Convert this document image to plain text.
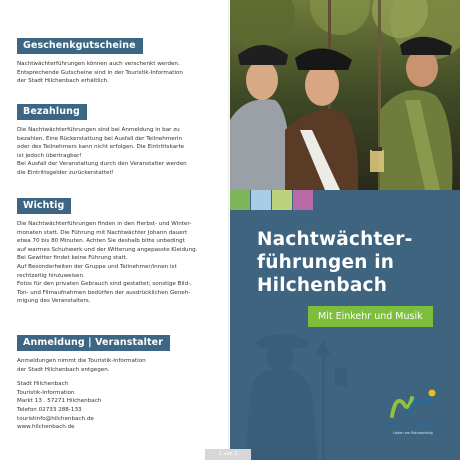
Geschenkgutscheine

Nachtwächterführungen können auch verschenkt werden.

Entsprechende Gutscheine sind in der Touristik-Information

der Stadt Hilchenbach erhältlich.

Bezahlung

Die Nachtwächterführungen sind bei Anmeldung in bar zu

bezahlen. Eine Rückerstattung bei Ausfall der Teilnehmerin

oder des Teilnehmers kann nicht erfolgen. Die Eintrittskarte

ist jedoch übertragbar!

Bei Ausfall der Veranstaltung durch den Veranstalter werden

die Eintrittsgelder zurückerstattet!

Wichtig

Die Nachtwächterführungen finden in den Herbst- und Winter-

monaten statt. Die Führung mit Nachtwächter Johann dauert

etwa 70 bis 80 Minuten. Achten Sie deshalb bitte unbedingt

auf warmes Schuhwerk und der Witterung angepasste Kleidung.

Bei Gewitter findet keine Führung statt.

Auf Besonderheiten der Gruppe und Teilnehmer/innen ist

rechtzeitig hinzuweisen.

Fotos für den privaten Gebrauch sind gestattet; sonstige Bild-,

Ton- und Filmaufnahmen bedürfen der ausdrücklichen Geneh-

migung des Veranstalters.

Anmeldung | Veranstalter

Anmeldungen nimmt die Touristik-Information

der Stadt Hilchenbach entgegen.

Stadt Hilchenbach

Touristik-Information

Markt 13 . 57271 Hilchenbach

Telefon 02733 288-133

touristinfo@hilchenbach.de

www.hilchenbach.de

Nachtwächter-
führungen in
Hilchenbach
Mit Einkehr und Musik
HILCHENBACH
Leben am Rothaarsteig
1 von 2
